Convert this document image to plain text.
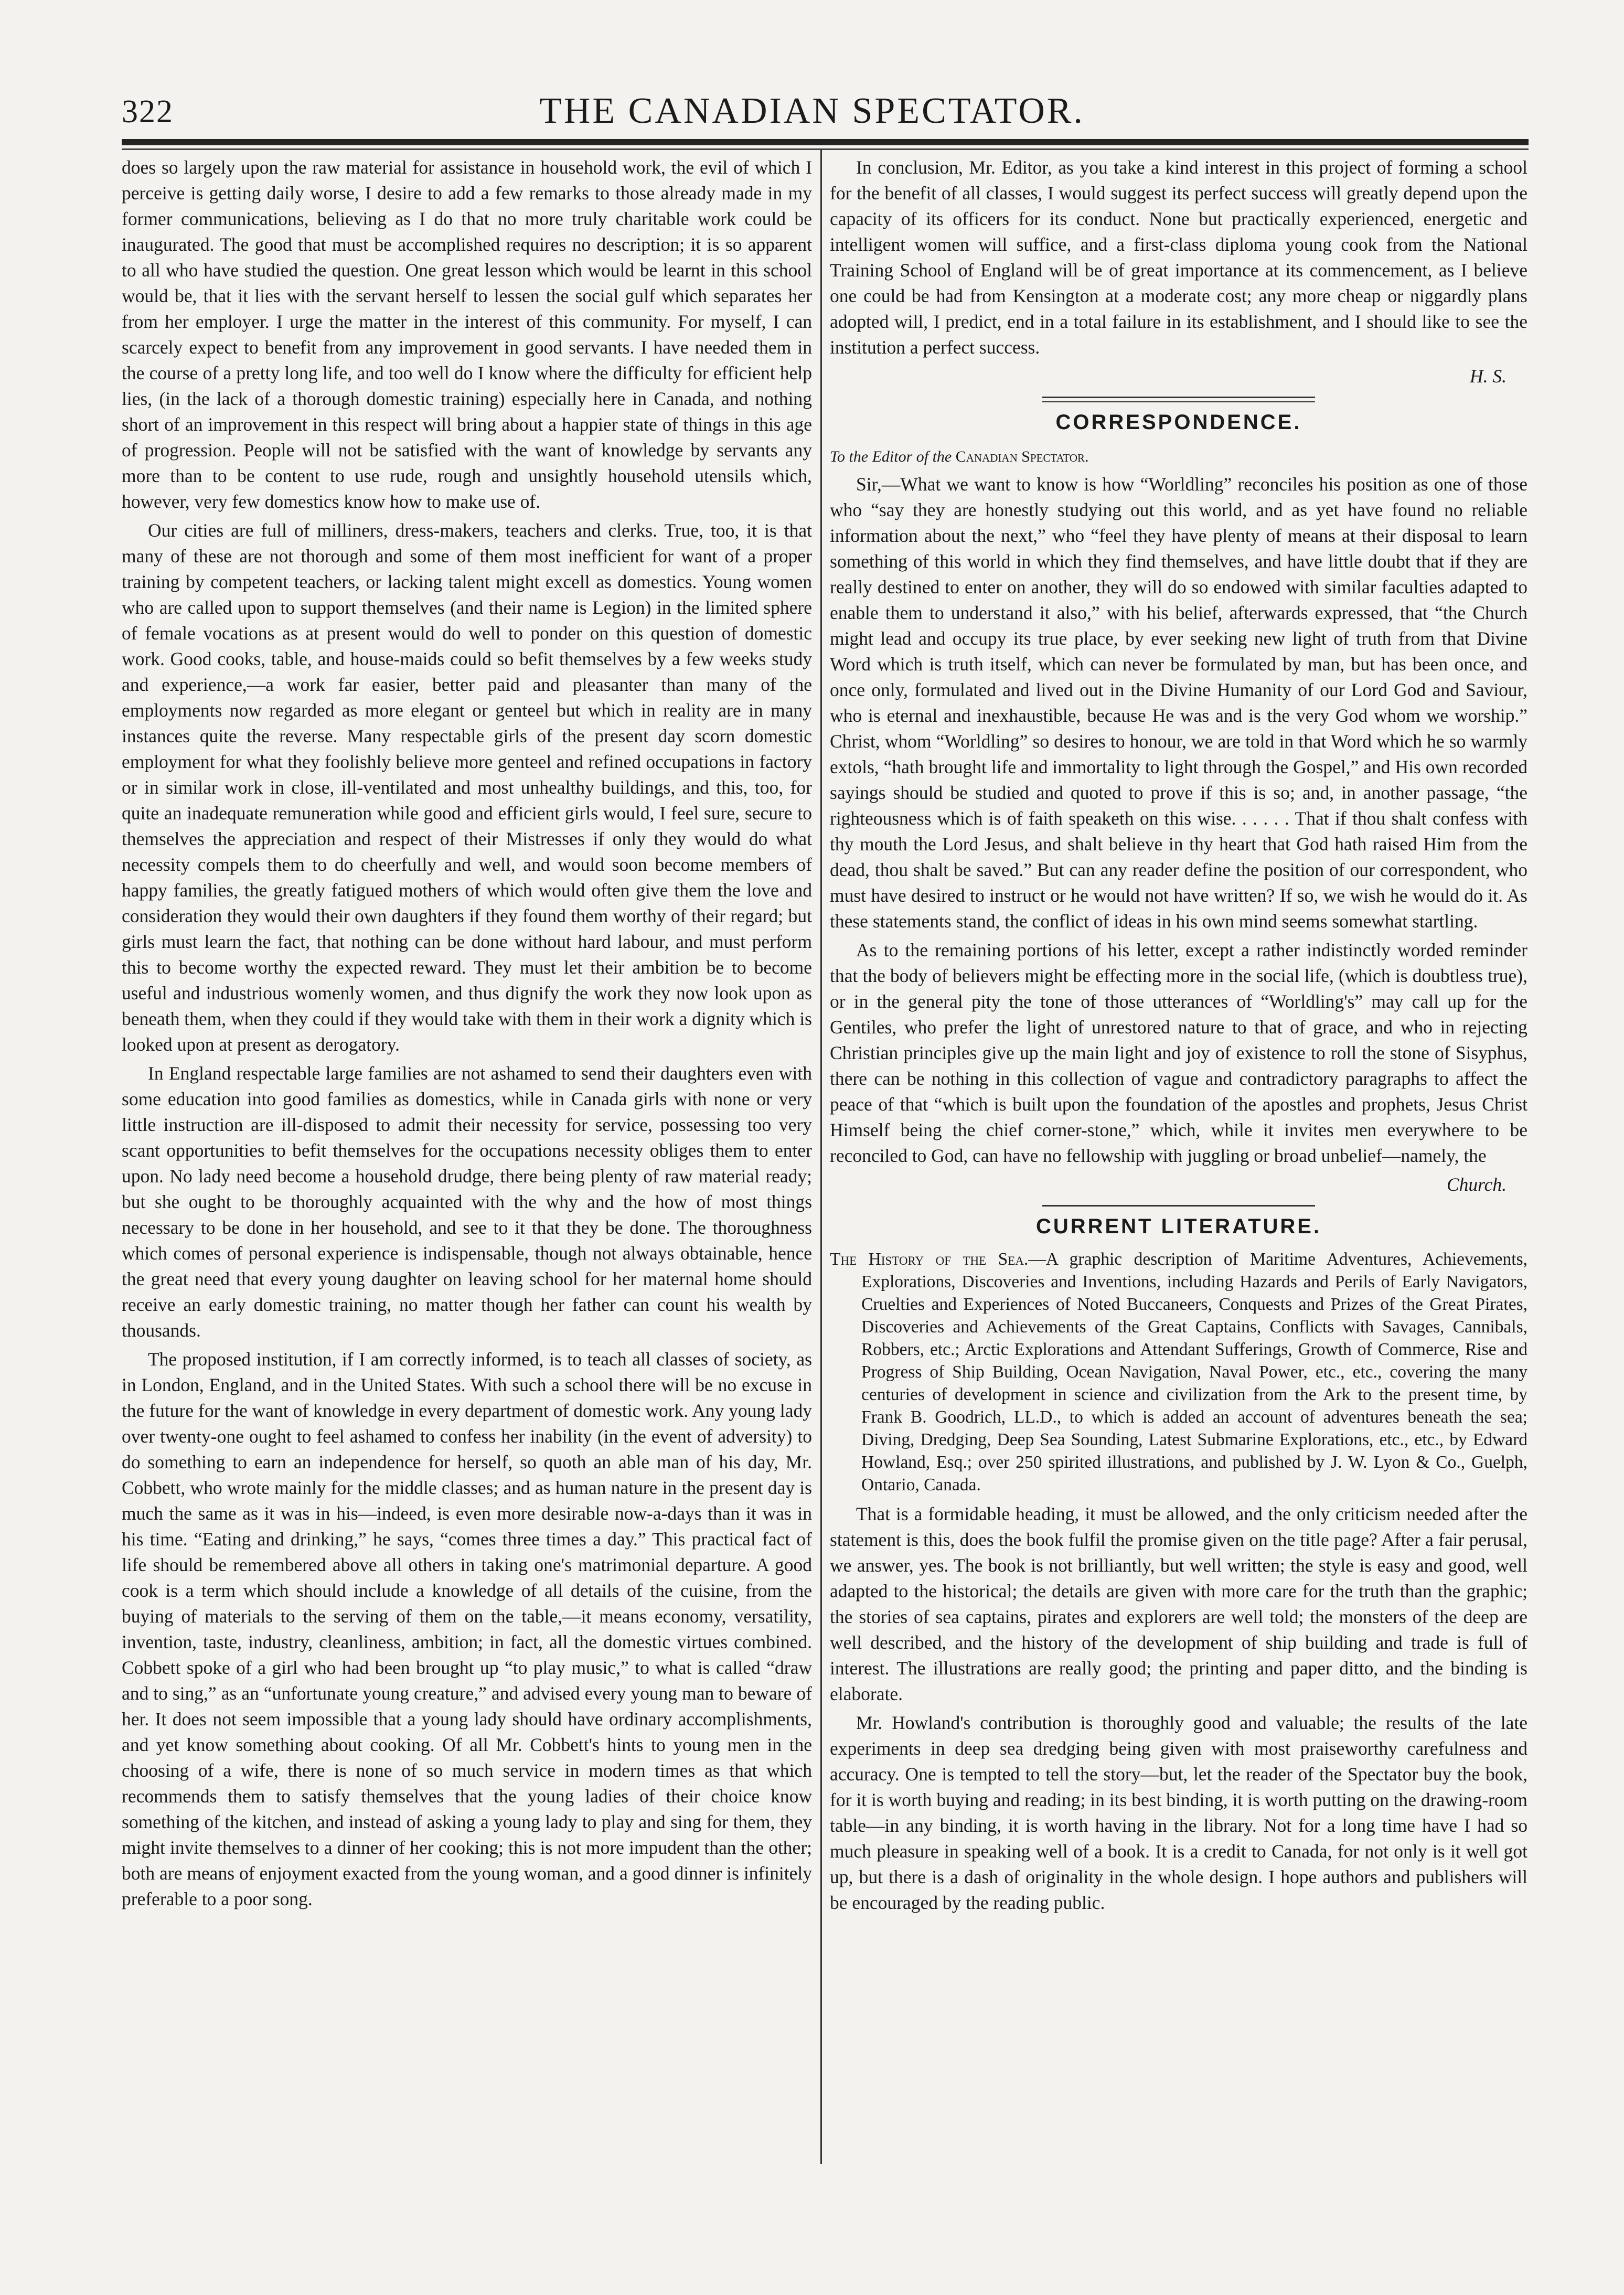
322	THE CANADIAN SPECTATOR.

does so largely upon the raw material for assistance in household work, the evil of which I perceive is getting daily worse, I desire to add a few remarks to those already made in my former communications, believing as I do that no more truly charitable work could be inaugurated. The good that must be accomplished requires no description; it is so apparent to all who have studied the question. One great lesson which would be learnt in this school would be, that it lies with the servant herself to lessen the social gulf which separates her from her employer. I urge the matter in the interest of this community. For myself, I can scarcely expect to benefit from any improvement in good servants. I have needed them in the course of a pretty long life, and too well do I know where the difficulty for efficient help lies, (in the lack of a thorough domestic training) especially here in Canada, and nothing short of an improvement in this respect will bring about a happier state of things in this age of progression. People will not be satisfied with the want of knowledge by servants any more than to be content to use rude, rough and unsightly household utensils which, however, very few domestics know how to make use of.

Our cities are full of milliners, dress-makers, teachers and clerks. True, too, it is that many of these are not thorough and some of them most inefficient for want of a proper training by competent teachers, or lacking talent might excell as domestics. Young women who are called upon to support themselves (and their name is Legion) in the limited sphere of female vocations as at present would do well to ponder on this question of domestic work. Good cooks, table, and house-maids could so befit themselves by a few weeks study and experience,—a work far easier, better paid and pleasanter than many of the employments now regarded as more elegant or genteel but which in reality are in many instances quite the reverse. Many respectable girls of the present day scorn domestic employment for what they foolishly believe more genteel and refined occupations in factory or in similar work in close, ill-ventilated and most unhealthy buildings, and this, too, for quite an inadequate remuneration while good and efficient girls would, I feel sure, secure to themselves the appreciation and respect of their Mistresses if only they would do what necessity compels them to do cheerfully and well, and would soon become members of happy families, the greatly fatigued mothers of which would often give them the love and consideration they would their own daughters if they found them worthy of their regard; but girls must learn the fact, that nothing can be done without hard labour, and must perform this to become worthy the expected reward. They must let their ambition be to become useful and industrious womenly women, and thus dignify the work they now look upon as beneath them, when they could if they would take with them in their work a dignity which is looked upon at present as derogatory.

In England respectable large families are not ashamed to send their daughters even with some education into good families as domestics, while in Canada girls with none or very little instruction are ill-disposed to admit their necessity for service, possessing too very scant opportunities to befit themselves for the occupations necessity obliges them to enter upon. No lady need become a household drudge, there being plenty of raw material ready; but she ought to be thoroughly acquainted with the why and the how of most things necessary to be done in her household, and see to it that they be done. The thoroughness which comes of personal experience is indispensable, though not always obtainable, hence the great need that every young daughter on leaving school for her maternal home should receive an early domestic training, no matter though her father can count his wealth by thousands.

The proposed institution, if I am correctly informed, is to teach all classes of society, as in London, England, and in the United States. With such a school there will be no excuse in the future for the want of knowledge in every department of domestic work. Any young lady over twenty-one ought to feel ashamed to confess her inability (in the event of adversity) to do something to earn an independence for herself, so quoth an able man of his day, Mr. Cobbett, who wrote mainly for the middle classes; and as human nature in the present day is much the same as it was in his—indeed, is even more desirable now-a-days than it was in his time. “Eating and drinking,” he says, “comes three times a day.” This practical fact of life should be remembered above all others in taking one's matrimonial departure. A good cook is a term which should include a knowledge of all details of the cuisine, from the buying of materials to the serving of them on the table,—it means economy, versatility, invention, taste, industry, cleanliness, ambition; in fact, all the domestic virtues combined. Cobbett spoke of a girl who had been brought up “to play music,” to what is called “draw and to sing,” as an “unfortunate young creature,” and advised every young man to beware of her. It does not seem impossible that a young lady should have ordinary accomplishments, and yet know something about cooking. Of all Mr. Cobbett's hints to young men in the choosing of a wife, there is none of so much service in modern times as that which recommends them to satisfy themselves that the young ladies of their choice know something of the kitchen, and instead of asking a young lady to play and sing for them, they might invite themselves to a dinner of her cooking; this is not more impudent than the other; both are means of enjoyment exacted from the young woman, and a good dinner is infinitely preferable to a poor song.

In conclusion, Mr. Editor, as you take a kind interest in this project of forming a school for the benefit of all classes, I would suggest its perfect success will greatly depend upon the capacity of its officers for its conduct. None but practically experienced, energetic and intelligent women will suffice, and a first-class diploma young cook from the National Training School of England will be of great importance at its commencement, as I believe one could be had from Kensington at a moderate cost; any more cheap or niggardly plans adopted will, I predict, end in a total failure in its establishment, and I should like to see the institution a perfect success.

H. S.
CORRESPONDENCE.
To the Editor of the Canadian Spectator.

Sir,—What we want to know is how “Worldling” reconciles his position as one of those who “say they are honestly studying out this world, and as yet have found no reliable information about the next,” who “feel they have plenty of means at their disposal to learn something of this world in which they find themselves, and have little doubt that if they are really destined to enter on another, they will do so endowed with similar faculties adapted to enable them to understand it also,” with his belief, afterwards expressed, that “the Church might lead and occupy its true place, by ever seeking new light of truth from that Divine Word which is truth itself, which can never be formulated by man, but has been once, and once only, formulated and lived out in the Divine Humanity of our Lord God and Saviour, who is eternal and inexhaustible, because He was and is the very God whom we worship.” Christ, whom “Worldling” so desires to honour, we are told in that Word which he so warmly extols, “hath brought life and immortality to light through the Gospel,” and His own recorded sayings should be studied and quoted to prove if this is so; and, in another passage, “the righteousness which is of faith speaketh on this wise. . . . . . That if thou shalt confess with thy mouth the Lord Jesus, and shalt believe in thy heart that God hath raised Him from the dead, thou shalt be saved.” But can any reader define the position of our correspondent, who must have desired to instruct or he would not have written? If so, we wish he would do it. As these statements stand, the conflict of ideas in his own mind seems somewhat startling.

As to the remaining portions of his letter, except a rather indistinctly worded reminder that the body of believers might be effecting more in the social life, (which is doubtless true), or in the general pity the tone of those utterances of “Worldling's” may call up for the Gentiles, who prefer the light of unrestored nature to that of grace, and who in rejecting Christian principles give up the main light and joy of existence to roll the stone of Sisyphus, there can be nothing in this collection of vague and contradictory paragraphs to affect the peace of that “which is built upon the foundation of the apostles and prophets, Jesus Christ Himself being the chief corner-stone,” which, while it invites men everywhere to be reconciled to God, can have no fellowship with juggling or broad unbelief—namely, the

Church.
CURRENT LITERATURE.
The History of the Sea.—A graphic description of Maritime Adventures, Achievements, Explorations, Discoveries and Inventions, including Hazards and Perils of Early Navigators, Cruelties and Experiences of Noted Buccaneers, Conquests and Prizes of the Great Pirates, Discoveries and Achievements of the Great Captains, Conflicts with Savages, Cannibals, Robbers, etc.; Arctic Explorations and Attendant Sufferings, Growth of Commerce, Rise and Progress of Ship Building, Ocean Navigation, Naval Power, etc., etc., covering the many centuries of development in science and civilization from the Ark to the present time, by Frank B. Goodrich, LL.D., to which is added an account of adventures beneath the sea; Diving, Dredging, Deep Sea Sounding, Latest Submarine Explorations, etc., etc., by Edward Howland, Esq.; over 250 spirited illustrations, and published by J. W. Lyon & Co., Guelph, Ontario, Canada.

That is a formidable heading, it must be allowed, and the only criticism needed after the statement is this, does the book fulfil the promise given on the title page? After a fair perusal, we answer, yes. The book is not brilliantly, but well written; the style is easy and good, well adapted to the historical; the details are given with more care for the truth than the graphic; the stories of sea captains, pirates and explorers are well told; the monsters of the deep are well described, and the history of the development of ship building and trade is full of interest. The illustrations are really good; the printing and paper ditto, and the binding is elaborate.

Mr. Howland's contribution is thoroughly good and valuable; the results of the late experiments in deep sea dredging being given with most praiseworthy carefulness and accuracy. One is tempted to tell the story—but, let the reader of the Spectator buy the book, for it is worth buying and reading; in its best binding, it is worth putting on the drawing-room table—in any binding, it is worth having in the library. Not for a long time have I had so much pleasure in speaking well of a book. It is a credit to Canada, for not only is it well got up, but there is a dash of originality in the whole design. I hope authors and publishers will be encouraged by the reading public.
